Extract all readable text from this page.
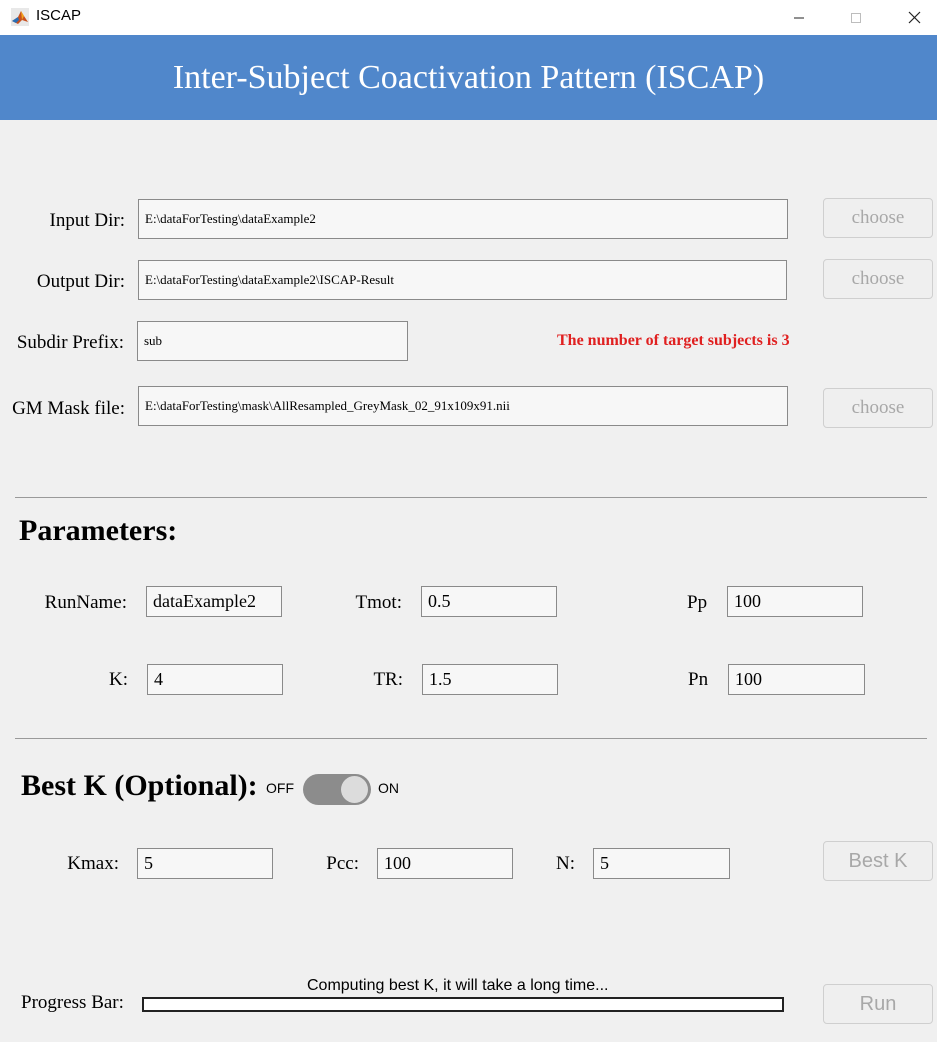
ISCAP
Inter-Subject Coactivation Pattern (ISCAP)
Input Dir:	E:\dataForTesting\dataExample2	choose
Output Dir:	E:\dataForTesting\dataExample2\ISCAP-Result	choose
Subdir Prefix:	sub	The number of target subjects is 3
GM Mask file:	E:\dataForTesting\mask\AllResampled_GreyMask_02_91x109x91.nii	choose
Parameters:
RunName:	dataExample2	Tmot:	0.5	Pp	100
K:	4	TR:	1.5	Pn	100
Best K (Optional): OFF	ON
Kmax:	5	Pcc:	100	N:	5	Best K
Computing best K, it will take a long time...
Progress Bar:	Run
